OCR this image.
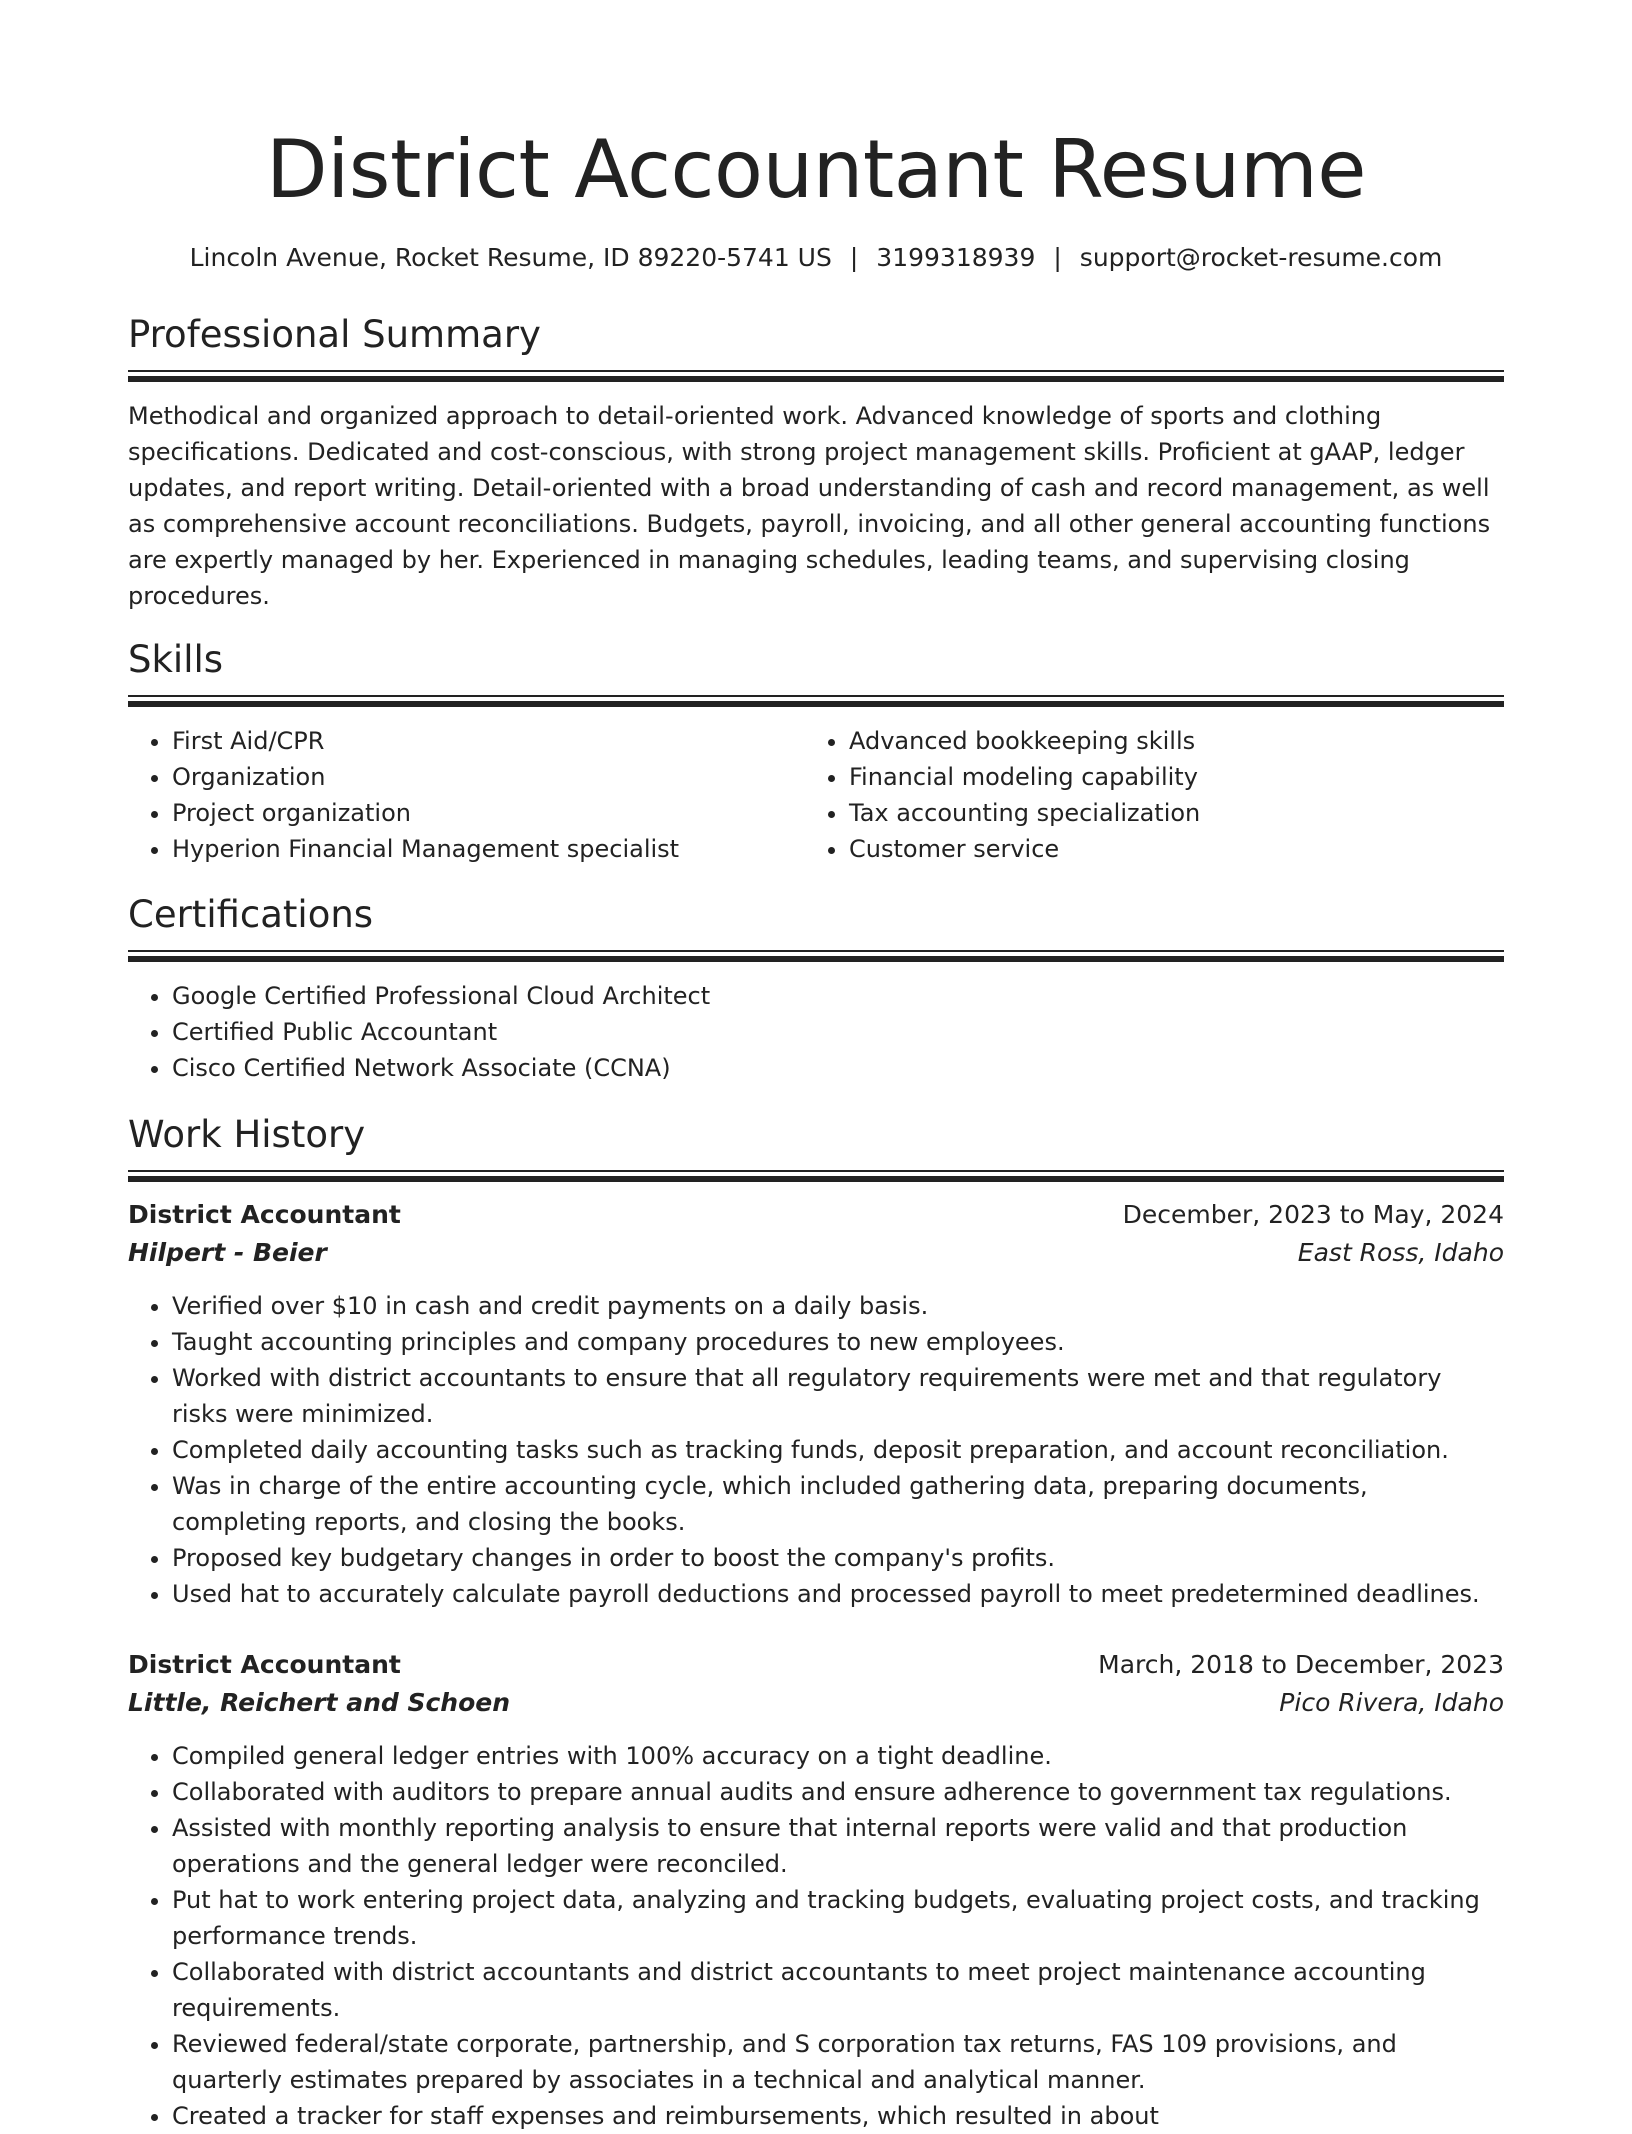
District Accountant Resume
Lincoln Avenue, Rocket Resume, ID 89220-5741 US | 3199318939 | support@rocket-resume.com
Professional Summary

Methodical and organized approach to detail-oriented work. Advanced knowledge of sports and clothing specifications. Dedicated and cost-conscious, with strong project management skills. Proficient at gAAP, ledger updates, and report writing. Detail-oriented with a broad understanding of cash and record management, as well as comprehensive account reconciliations. Budgets, payroll, invoicing, and all other general accounting functions are expertly managed by her. Experienced in managing schedules, leading teams, and supervising closing procedures.

Skills
• First Aid/CPR
• Organization
• Project organization
• Hyperion Financial Management specialist
• Advanced bookkeeping skills
• Financial modeling capability
• Tax accounting specialization
• Customer service
Certifications
• Google Certified Professional Cloud Architect
• Certified Public Accountant
• Cisco Certified Network Associate (CCNA)
Work History
District Accountant	December, 2023 to May, 2024
Hilpert - Beier	East Ross, Idaho
• Verified over $10 in cash and credit payments on a daily basis.
• Taught accounting principles and company procedures to new employees.
• Worked with district accountants to ensure that all regulatory requirements were met and that regulatory risks were minimized.
• Completed daily accounting tasks such as tracking funds, deposit preparation, and account reconciliation.
• Was in charge of the entire accounting cycle, which included gathering data, preparing documents, completing reports, and closing the books.
• Proposed key budgetary changes in order to boost the company's profits.
• Used hat to accurately calculate payroll deductions and processed payroll to meet predetermined deadlines.
District Accountant	March, 2018 to December, 2023
Little, Reichert and Schoen	Pico Rivera, Idaho
• Compiled general ledger entries with 100% accuracy on a tight deadline.
• Collaborated with auditors to prepare annual audits and ensure adherence to government tax regulations.
• Assisted with monthly reporting analysis to ensure that internal reports were valid and that production operations and the general ledger were reconciled.
• Put hat to work entering project data, analyzing and tracking budgets, evaluating project costs, and tracking performance trends.
• Collaborated with district accountants and district accountants to meet project maintenance accounting requirements.
• Reviewed federal/state corporate, partnership, and S corporation tax returns, FAS 109 provisions, and quarterly estimates prepared by associates in a technical and analytical manner.
• Created a tracker for staff expenses and reimbursements, which resulted in about
